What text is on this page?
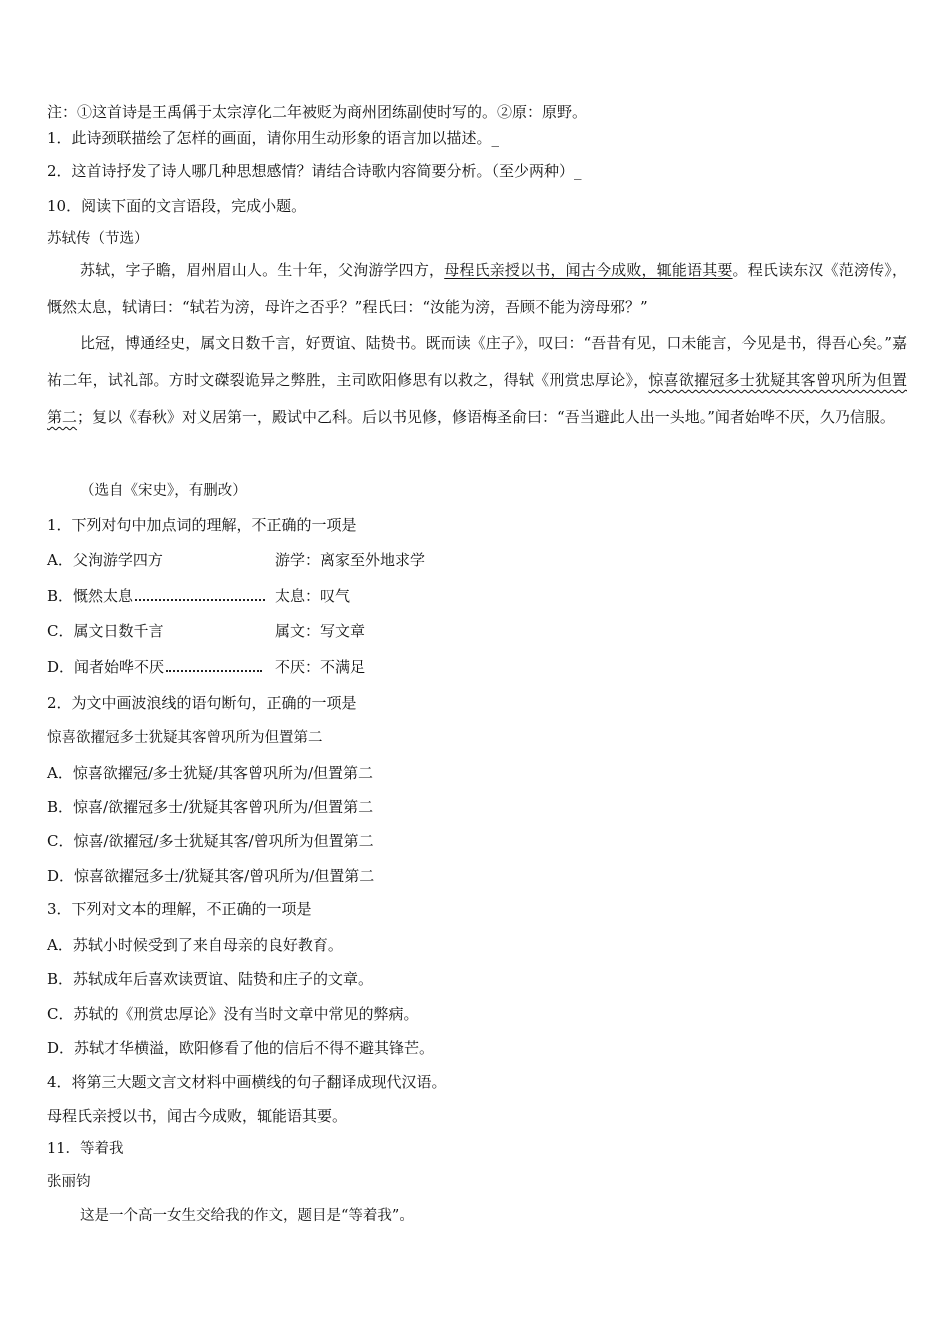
注：①这首诗是王禹偁于太宗淳化二年被贬为商州团练副使时写的。②原：原野。
1．此诗颈联描绘了怎样的画面，请你用生动形象的语言加以描述。_
2．这首诗抒发了诗人哪几种思想感情？请结合诗歌内容简要分析。（至少两种）_
10．阅读下面的文言语段，完成小题。
苏轼传（节选）
苏轼，字子瞻，眉州眉山人。生十年，父洵游学四方，母程氏亲授以书，闻古今成败，辄能语其要。程氏读东汉《范滂传》，慨然太息，轼请曰：“轼若为滂，母许之否乎？”程氏曰：“汝能为滂，吾顾不能为滂母邪？”
比冠，博通经史，属文日数千言，好贾谊、陆贽书。既而读《庄子》，叹曰：“吾昔有见，口未能言，今见是书，得吾心矣。”嘉祐二年，试礼部。方时文磔裂诡异之弊胜，主司欧阳修思有以救之，得轼《刑赏忠厚论》，惊喜欲擢冠多士犹疑其客曾巩所为但置第二；复以《春秋》对义居第一，殿试中乙科。后以书见修，修语梅圣俞曰：“吾当避此人出一头地。”闻者始哗不厌，久乃信服。
（选自《宋史》，有删改）
1．下列对句中加点词的理解，不正确的一项是
A．父洵游学四方	游学：离家至外地求学
B．慨然太息	太息：叹气
C．属文日数千言	属文：写文章
D．闻者始哗不厌	不厌：不满足
2．为文中画波浪线的语句断句，正确的一项是
惊喜欲擢冠多士犹疑其客曾巩所为但置第二
A．惊喜欲擢冠/多士犹疑/其客曾巩所为/但置第二
B．惊喜/欲擢冠多士/犹疑其客曾巩所为/但置第二
C．惊喜/欲擢冠/多士犹疑其客/曾巩所为但置第二
D．惊喜欲擢冠多士/犹疑其客/曾巩所为/但置第二
3．下列对文本的理解，不正确的一项是
A．苏轼小时候受到了来自母亲的良好教育。
B．苏轼成年后喜欢读贾谊、陆贽和庄子的文章。
C．苏轼的《刑赏忠厚论》没有当时文章中常见的弊病。
D．苏轼才华横溢，欧阳修看了他的信后不得不避其锋芒。
4．将第三大题文言文材料中画横线的句子翻译成现代汉语。
母程氏亲授以书，闻古今成败，辄能语其要。
11．等着我
张丽钧
这是一个高一女生交给我的作文，题目是“等着我”。
